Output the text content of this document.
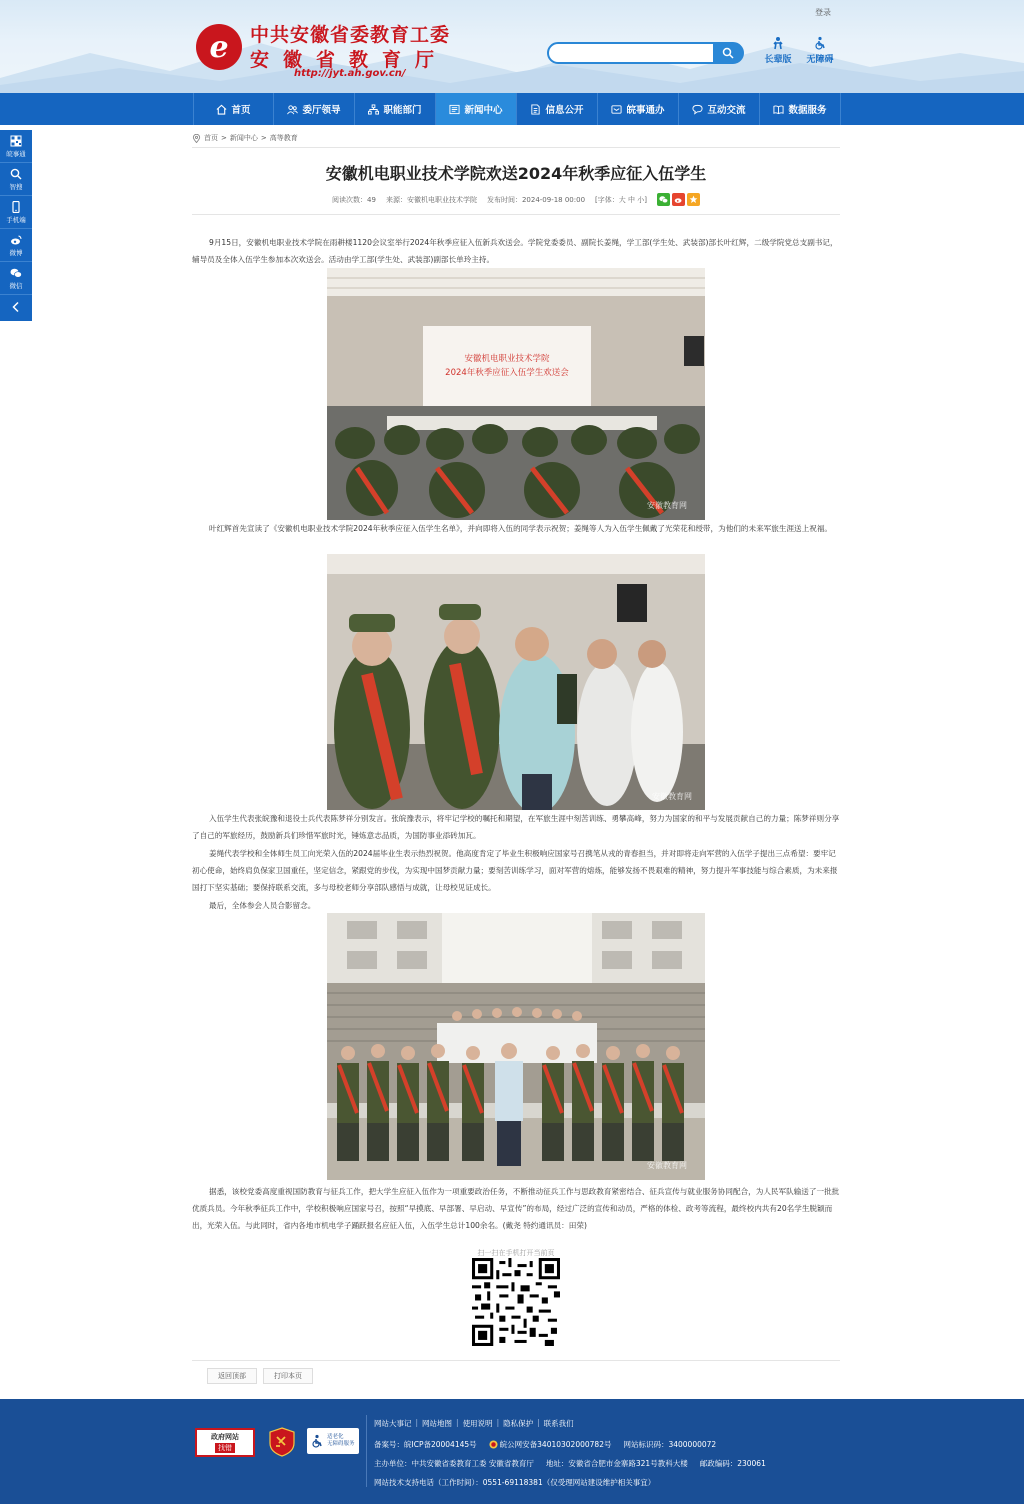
登录
e 中共安徽省委教育工委
安徽省教育厅
http://jyt.ah.gov.cn/
长辈版	无障碍
首页	委厅领导	职能部门	新闻中心	信息公开	皖事通办	互动交流	数据服务
皖事通
智搜
手机端
微博
微信
首页 > 新闻中心 > 高等教育
安徽机电职业技术学院欢送2024年秋季应征入伍学生
阅读次数：49 来源：安徽机电职业技术学院 发布时间：2024-09-18 00:00 [字体：大 中 小]
9月15日，安徽机电职业技术学院在雨耕楼1120会议室举行2024年秋季应征入伍新兵欢送会。学院党委委员、副院长姜绳，学工部(学生处、武装部)部长叶红辉，二级学院党总支副书记，辅导员及全体入伍学生参加本次欢送会。活动由学工部(学生处、武装部)副部长单玲主持。
安徽机电职业技术学院
2024年秋季应征入伍学生欢送会
安徽教育网
叶红辉首先宣读了《安徽机电职业技术学院2024年秋季应征入伍学生名单》，并向即将入伍的同学表示祝贺；姜绳等人为入伍学生佩戴了光荣花和绶带，为他们的未来军旅生涯送上祝福。
安徽教育网
入伍学生代表张皖豫和退役士兵代表陈梦祥分别发言。张皖豫表示，将牢记学校的嘱托和期望，在军旅生涯中刻苦训练、勇攀高峰，努力为国家的和平与发展贡献自己的力量；陈梦祥则分享了自己的军旅经历，鼓励新兵们珍惜军旅时光，锤炼意志品质，为国防事业添砖加瓦。
姜绳代表学校和全体师生员工向光荣入伍的2024届毕业生表示热烈祝贺。他高度肯定了毕业生积极响应国家号召携笔从戎的青春担当，并对即将走向军营的入伍学子提出三点希望：要牢记初心使命，始终肩负保家卫国重任，坚定信念，紧跟党的步伐，为实现中国梦贡献力量；要刻苦训练学习，面对军营的熔炼，能够发扬不畏艰难的精神，努力提升军事技能与综合素质，为未来报国打下坚实基础；要保持联系交流，多与母校老师分享部队感悟与成就，让母校见证成长。
最后，全体参会人员合影留念。
安徽教育网
据悉，该校党委高度重视国防教育与征兵工作，把大学生应征入伍作为一项重要政治任务，不断推动征兵工作与思政教育紧密结合、征兵宣传与就业服务协同配合，为人民军队输送了一批批优质兵员。今年秋季征兵工作中，学校积极响应国家号召，按照“早摸底、早部署、早启动、早宣传”的布局，经过广泛的宣传和动员，严格的体检、政考等流程，最终校内共有20名学生脱颖而出，光荣入伍。与此同时，省内各地市机电学子踊跃报名应征入伍，入伍学生总计100余名。(戴尧 特约通讯员：田荣)
扫一扫在手机打开当前页
返回顶部	打印本页
政府网站
找错
适老化
无障碍服务
网站大事记 | 网站地图 | 使用说明 | 隐私保护 | 联系我们
备案号：皖ICP备20004145号	皖公网安备34010302000782号 网站标识码：3400000072
主办单位：中共安徽省委教育工委 安徽省教育厅 地址：安徽省合肥市金寨路321号教科大楼 邮政编码：230061
网站技术支持电话（工作时间）：0551-69118381（仅受理网站建设维护相关事宜）
